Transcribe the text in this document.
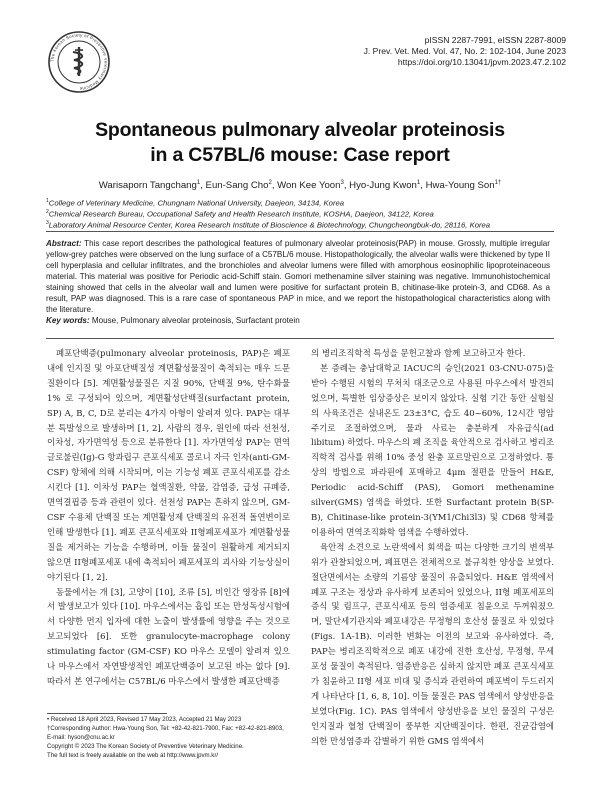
The Korean Society of Preventive Veterinary Medicine
pISSN 2287-7991, eISSN 2287-8009
J. Prev. Vet. Med. Vol. 47, No. 2: 102-104, June 2023
https://doi.org/10.13041/jpvm.2023.47.2.102
Spontaneous pulmonary alveolar proteinosis
in a C57BL/6 mouse: Case report
Warisaporn Tangchang$^1$, Eun-Sang Cho$^2$, Won Kee Yoon$^3$, Hyo-Jung Kwon$^1$, Hwa-Young Son$^{1\dagger}$
$^1$College of Veterinary Medicine, Chungnam National University, Daejeon, 34134, Korea
$^2$Chemical Research Bureau, Occupational Safety and Health Research Institute, KOSHA, Daejeon, 34122, Korea
$^3$Laboratory Animal Resource Center, Korea Research Institute of Bioscience & Biotechnology, Chungcheongbuk-do, 28116, Korea
Abstract: This case report describes the pathological features of pulmonary alveolar proteinosis(PAP) in mouse. Grossly, multiple irregular yellow-grey patches were observed on the lung surface of a C57BL/6 mouse. Histopathologically, the alveolar walls were thickened by type II cell hyperplasia and cellular infiltrates, and the bronchioles and alveolar lumens were filled with amorphous eosinophilic lipoproteinaceous material. This material was positive for Periodic acid-Schiff stain. Gomori methenamine silver staining was negative. Immunohistochemical staining showed that cells in the alveolar wall and lumen were positive for surfactant protein B, chitinase-like protein-3, and CD68. As a result, PAP was diagnosed. This is a rare case of spontaneous PAP in mice, and we report the histopathological characteristics along with the literature.
Key words: Mouse, Pulmonary alveolar proteinosis, Surfactant protein

폐포단백증(pulmonary alveolar proteinosis, PAP)은 폐포 내에 인지질 및 아포단백질성 계면활성물질이 축적되는 매우 드문 질환이다 [5]. 계면활성물질은 지질 90%, 단백질 9%, 탄수화물 1% 로 구성되어 있으며, 계면활성단백질(surfactant protein, SP) A, B, C, D로 분리는 4가지 아형이 알려져 있다. PAP는 대부분 특발성으로 발생하며 [1, 2], 사람의 경우, 원인에 따라 선천성, 이차성, 자가면역성 등으로 분류한다 [1]. 자가면역성 PAP는 면역글로불린(Ig)-G 항과립구 큰포식세포 콜로니 자극 인자(anti-GM-CSF) 항체에 의해 시작되며, 이는 기능성 폐포 큰포식세포를 감소시킨다 [1]. 이차성 PAP는 혈액질환, 약물, 감염증, 급성 규폐증, 면역결핍증 등과 관련이 있다. 선천성 PAP는 흔하지 않으며, GM-CSF 수용체 단백질 또는 계면활성제 단백질의 유전적 돌연변이로 인해 발생한다 [1]. 폐포 큰포식세포와 II형폐포세포가 계면활성물질을 제거하는 기능을 수행하며, 이들 물질이 원활하게 제거되지 않으면 II형폐포세포 내에 축적되어 폐포세포의 괴사와 기능상실이 야기된다 [1, 2].

동물에서는 개 [3], 고양이 [10], 조류 [5], 비인간 영장류 [8]에서 발생보고가 있다 [10]. 마우스에서는 흡입 또는 만성독성시험에서 다양한 먼지 입자에 대한 노출이 발생률에 영향을 주는 것으로 보고되었다 [6]. 또한 granulocyte-macrophage colony stimulating factor (GM-CSF) KO 마우스 모델이 알려져 있으나 마우스에서 자연발생적인 폐포단백증이 보고된 바는 없다 [9]. 따라서 본 연구에서는 C57BL/6 마우스에서 발생한 폐포단백증

의 병리조직학적 특성을 문헌고찰과 함께 보고하고자 한다.

본 증례는 충남대학교 IACUC의 승인(2021 03-CNU-075)을 받아 수행된 시험의 무처치 대조군으로 사용된 마우스에서 발견되었으며, 특별한 임상증상은 보이지 않았다. 실험 기간 동안 실험실의 사육조건은 실내온도 23±3°C, 습도 40~60%, 12시간 명암주기로 조절하였으며, 물과 사료는 충분하게 자유급식(ad libitum) 하였다. 마우스의 폐 조직을 육안적으로 검사하고 병리조직학적 검사를 위해 10% 중성 완충 포르말린으로 고정하였다. 통상의 방법으로 파라핀에 포매하고 4μm 절편을 만들어 H&E, Periodic acid-Schiff (PAS), Gomori methenamine silver(GMS) 염색을 하였다. 또한 Surfactant protein B(SP-B), Chitinase-like protein-3(YM1/Chi3l3) 및 CD68 항체를 이용하여 면역조직화학 염색을 수행하였다.

육안적 소견으로 노란색에서 회색을 띠는 다양한 크기의 변색부위가 관찰되었으며, 폐표면은 전체적으로 불규칙한 양상을 보였다. 절단면에서는 소량의 기름양 물질이 유출되었다. H&E 염색에서 폐포 구조는 정상과 유사하게 보존되어 있었으나, II형 폐포세포의 증식 및 림프구, 큰포식세포 등의 염증세포 침윤으로 두꺼워졌으며, 말단세기관지와 폐포내강은 무정형의 호산성 물질로 차 있었다(Figs. 1A-1B). 이러한 변화는 이전의 보고와 유사하였다. 즉, PAP는 병리조직학적으로 폐포 내강에 진한 호산성, 무정형, 무세포성 물질이 축적된다. 염증반응은 심하지 않지만 폐포 큰포식세포가 침윤하고 II형 세포 비대 및 증식과 관련하여 폐포벽이 두드러지게 나타난다 [1, 6, 8, 10]. 이들 물질은 PAS 염색에서 양성반응을 보였다(Fig. 1C). PAS 염색에서 양성반응을 보인 물질의 구성은 인지질과 혈청 단백질이 풍부한 지단백질이다. 한편, 진균감염에 의한 만성염증과 감별하기 위한 GMS 염색에서

• Received 18 April 2023, Revised 17 May 2023, Accepted 21 May 2023
†Corresponding Author: Hwa-Young Son, Tel: +82-42-821-7900, Fax: +82-42-821-8903,
E-mail: hyson@cnu.ac.kr
Copyright © 2023 The Korean Society of Preventive Veterinary Medicine.
The full text is freely available on the web at http://www.jpvm.kr/
